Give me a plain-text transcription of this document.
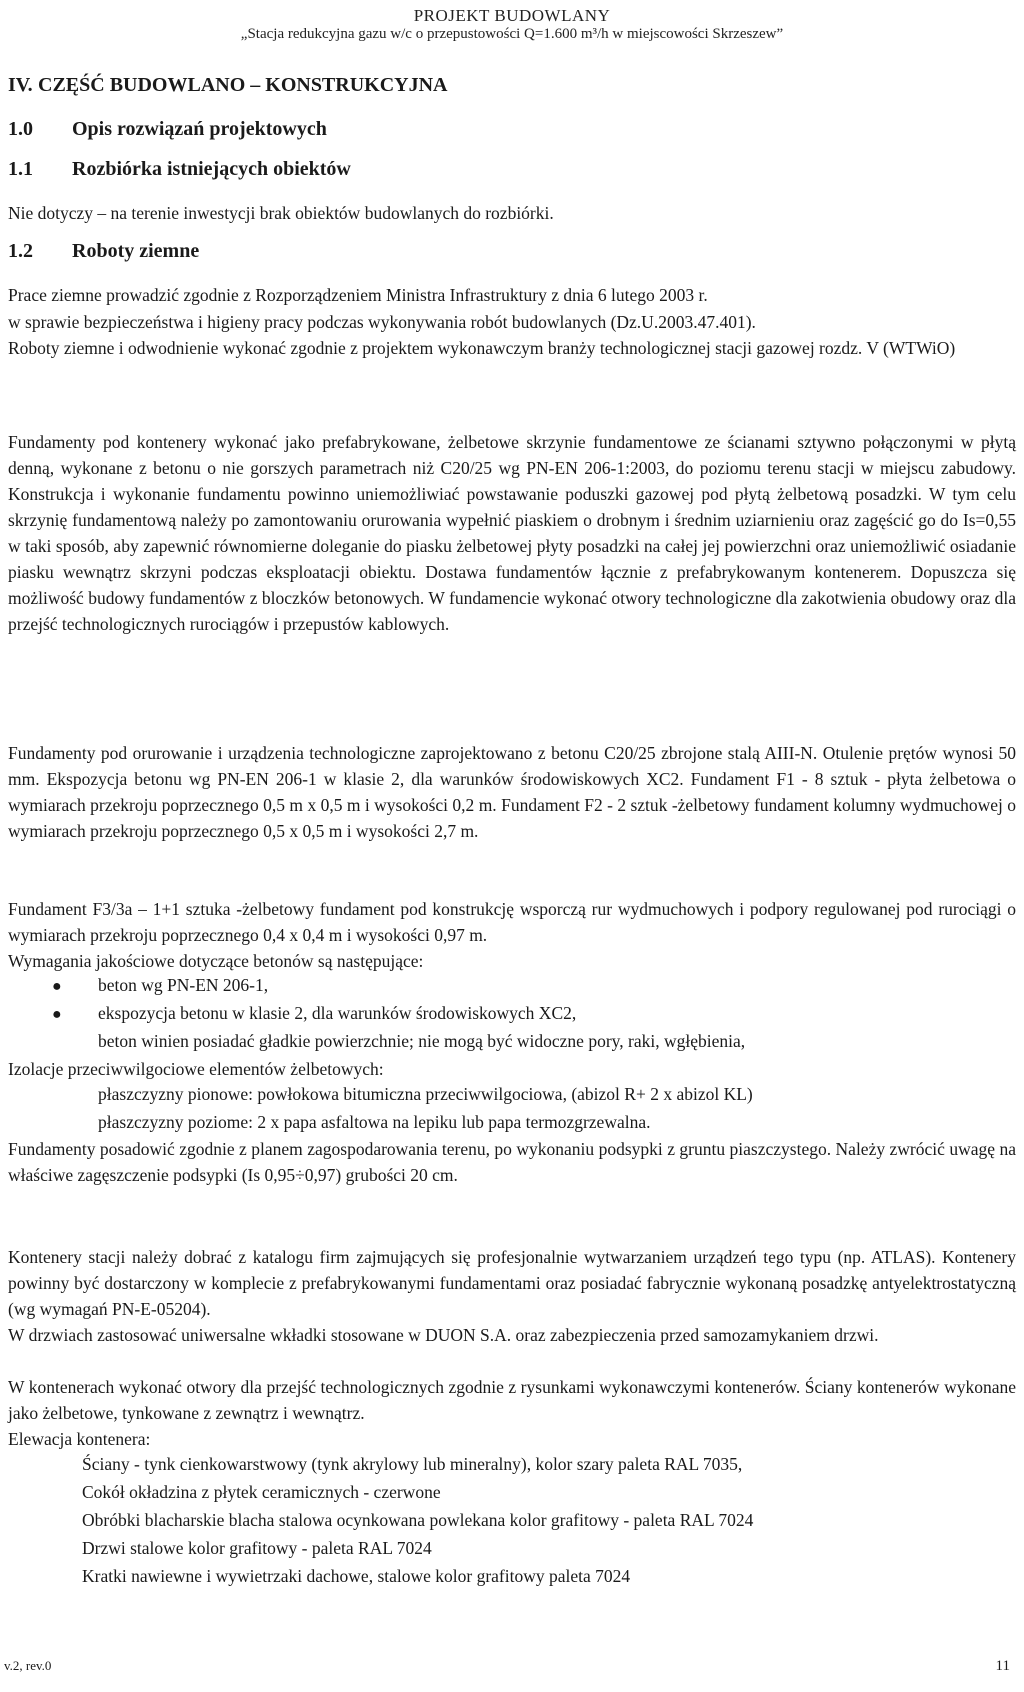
PROJEKT BUDOWLANY
„Stacja redukcyjna gazu w/c o przepustowości Q=1.600 m³/h w miejscowości Skrzeszew”
IV. CZĘŚĆ BUDOWLANO – KONSTRUKCYJNA
1.0 Opis rozwiązań projektowych
1.1 Rozbiórka istniejących obiektów
Nie dotyczy – na terenie inwestycji brak obiektów budowlanych do rozbiórki.
1.2 Roboty ziemne
Prace ziemne prowadzić zgodnie z Rozporządzeniem Ministra Infrastruktury z dnia 6 lutego 2003 r.
w sprawie bezpieczeństwa i higieny pracy podczas wykonywania robót budowlanych (Dz.U.2003.47.401).

Roboty ziemne i odwodnienie wykonać zgodnie z projektem wykonawczym branży technologicznej stacji gazowej rozdz. V (WTWiO)

Fundamenty pod kontenery wykonać jako prefabrykowane, żelbetowe skrzynie fundamentowe ze ścianami sztywno połączonymi w płytą denną, wykonane z betonu o nie gorszych parametrach niż C20/25 wg PN-EN 206-1:2003, do poziomu terenu stacji w miejscu zabudowy. Konstrukcja i wykonanie fundamentu powinno uniemożliwiać powstawanie poduszki gazowej pod płytą żelbetową posadzki. W tym celu skrzynię fundamentową należy po zamontowaniu orurowania wypełnić piaskiem o drobnym i średnim uziarnieniu oraz zagęścić go do Is=0,55 w taki sposób, aby zapewnić równomierne doleganie do piasku żelbetowej płyty posadzki na całej jej powierzchni oraz uniemożliwić osiadanie piasku wewnątrz skrzyni podczas eksploatacji obiektu. Dostawa fundamentów łącznie z prefabrykowanym kontenerem. Dopuszcza się możliwość budowy fundamentów z bloczków betonowych. W fundamencie wykonać otwory technologiczne dla zakotwienia obudowy oraz dla przejść technologicznych rurociągów i przepustów kablowych.

Fundamenty pod orurowanie i urządzenia technologiczne zaprojektowano z betonu C20/25 zbrojone stalą AIII-N. Otulenie prętów wynosi 50 mm. Ekspozycja betonu wg PN-EN 206-1 w klasie 2, dla warunków środowiskowych XC2. Fundament F1 - 8 sztuk - płyta żelbetowa o wymiarach przekroju poprzecznego 0,5 m x 0,5 m i wysokości 0,2 m. Fundament F2 - 2 sztuk -żelbetowy fundament kolumny wydmuchowej o wymiarach przekroju poprzecznego 0,5 x 0,5 m i wysokości 2,7 m.

Fundament F3/3a – 1+1 sztuka -żelbetowy fundament pod konstrukcję wsporczą rur wydmuchowych i podpory regulowanej pod rurociągi o wymiarach przekroju poprzecznego 0,4 x 0,4 m i wysokości 0,97 m.

Wymagania jakościowe dotyczące betonów są następujące:
● beton wg PN-EN 206-1,
● ekspozycja betonu w klasie 2, dla warunków środowiskowych XC2,
beton winien posiadać gładkie powierzchnie; nie mogą być widoczne pory, raki, wgłębienia,
Izolacje przeciwwilgociowe elementów żelbetowych:
płaszczyzny pionowe: powłokowa bitumiczna przeciwwilgociowa, (abizol R+ 2 x abizol KL)
płaszczyzny poziome: 2 x papa asfaltowa na lepiku lub papa termozgrzewalna.

Fundamenty posadowić zgodnie z planem zagospodarowania terenu, po wykonaniu podsypki z gruntu piaszczystego. Należy zwrócić uwagę na właściwe zagęszczenie podsypki (Is 0,95÷0,97) grubości 20 cm.

Kontenery stacji należy dobrać z katalogu firm zajmujących się profesjonalnie wytwarzaniem urządzeń tego typu (np. ATLAS). Kontenery powinny być dostarczony w komplecie z prefabrykowanymi fundamentami oraz posiadać fabrycznie wykonaną posadzkę antyelektrostatyczną (wg wymagań PN-E-05204).

W drzwiach zastosować uniwersalne wkładki stosowane w DUON S.A. oraz zabezpieczenia przed samozamykaniem drzwi.

W kontenerach wykonać otwory dla przejść technologicznych zgodnie z rysunkami wykonawczymi kontenerów. Ściany kontenerów wykonane jako żelbetowe, tynkowane z zewnątrz i wewnątrz.

Elewacja kontenera:
Ściany - tynk cienkowarstwowy (tynk akrylowy lub mineralny), kolor szary paleta RAL 7035,
Cokół okładzina z płytek ceramicznych - czerwone
Obróbki blacharskie blacha stalowa ocynkowana powlekana kolor grafitowy - paleta RAL 7024
Drzwi stalowe kolor grafitowy - paleta RAL 7024
Kratki nawiewne i wywietrzaki dachowe, stalowe kolor grafitowy paleta 7024
v.2, rev.0	11
